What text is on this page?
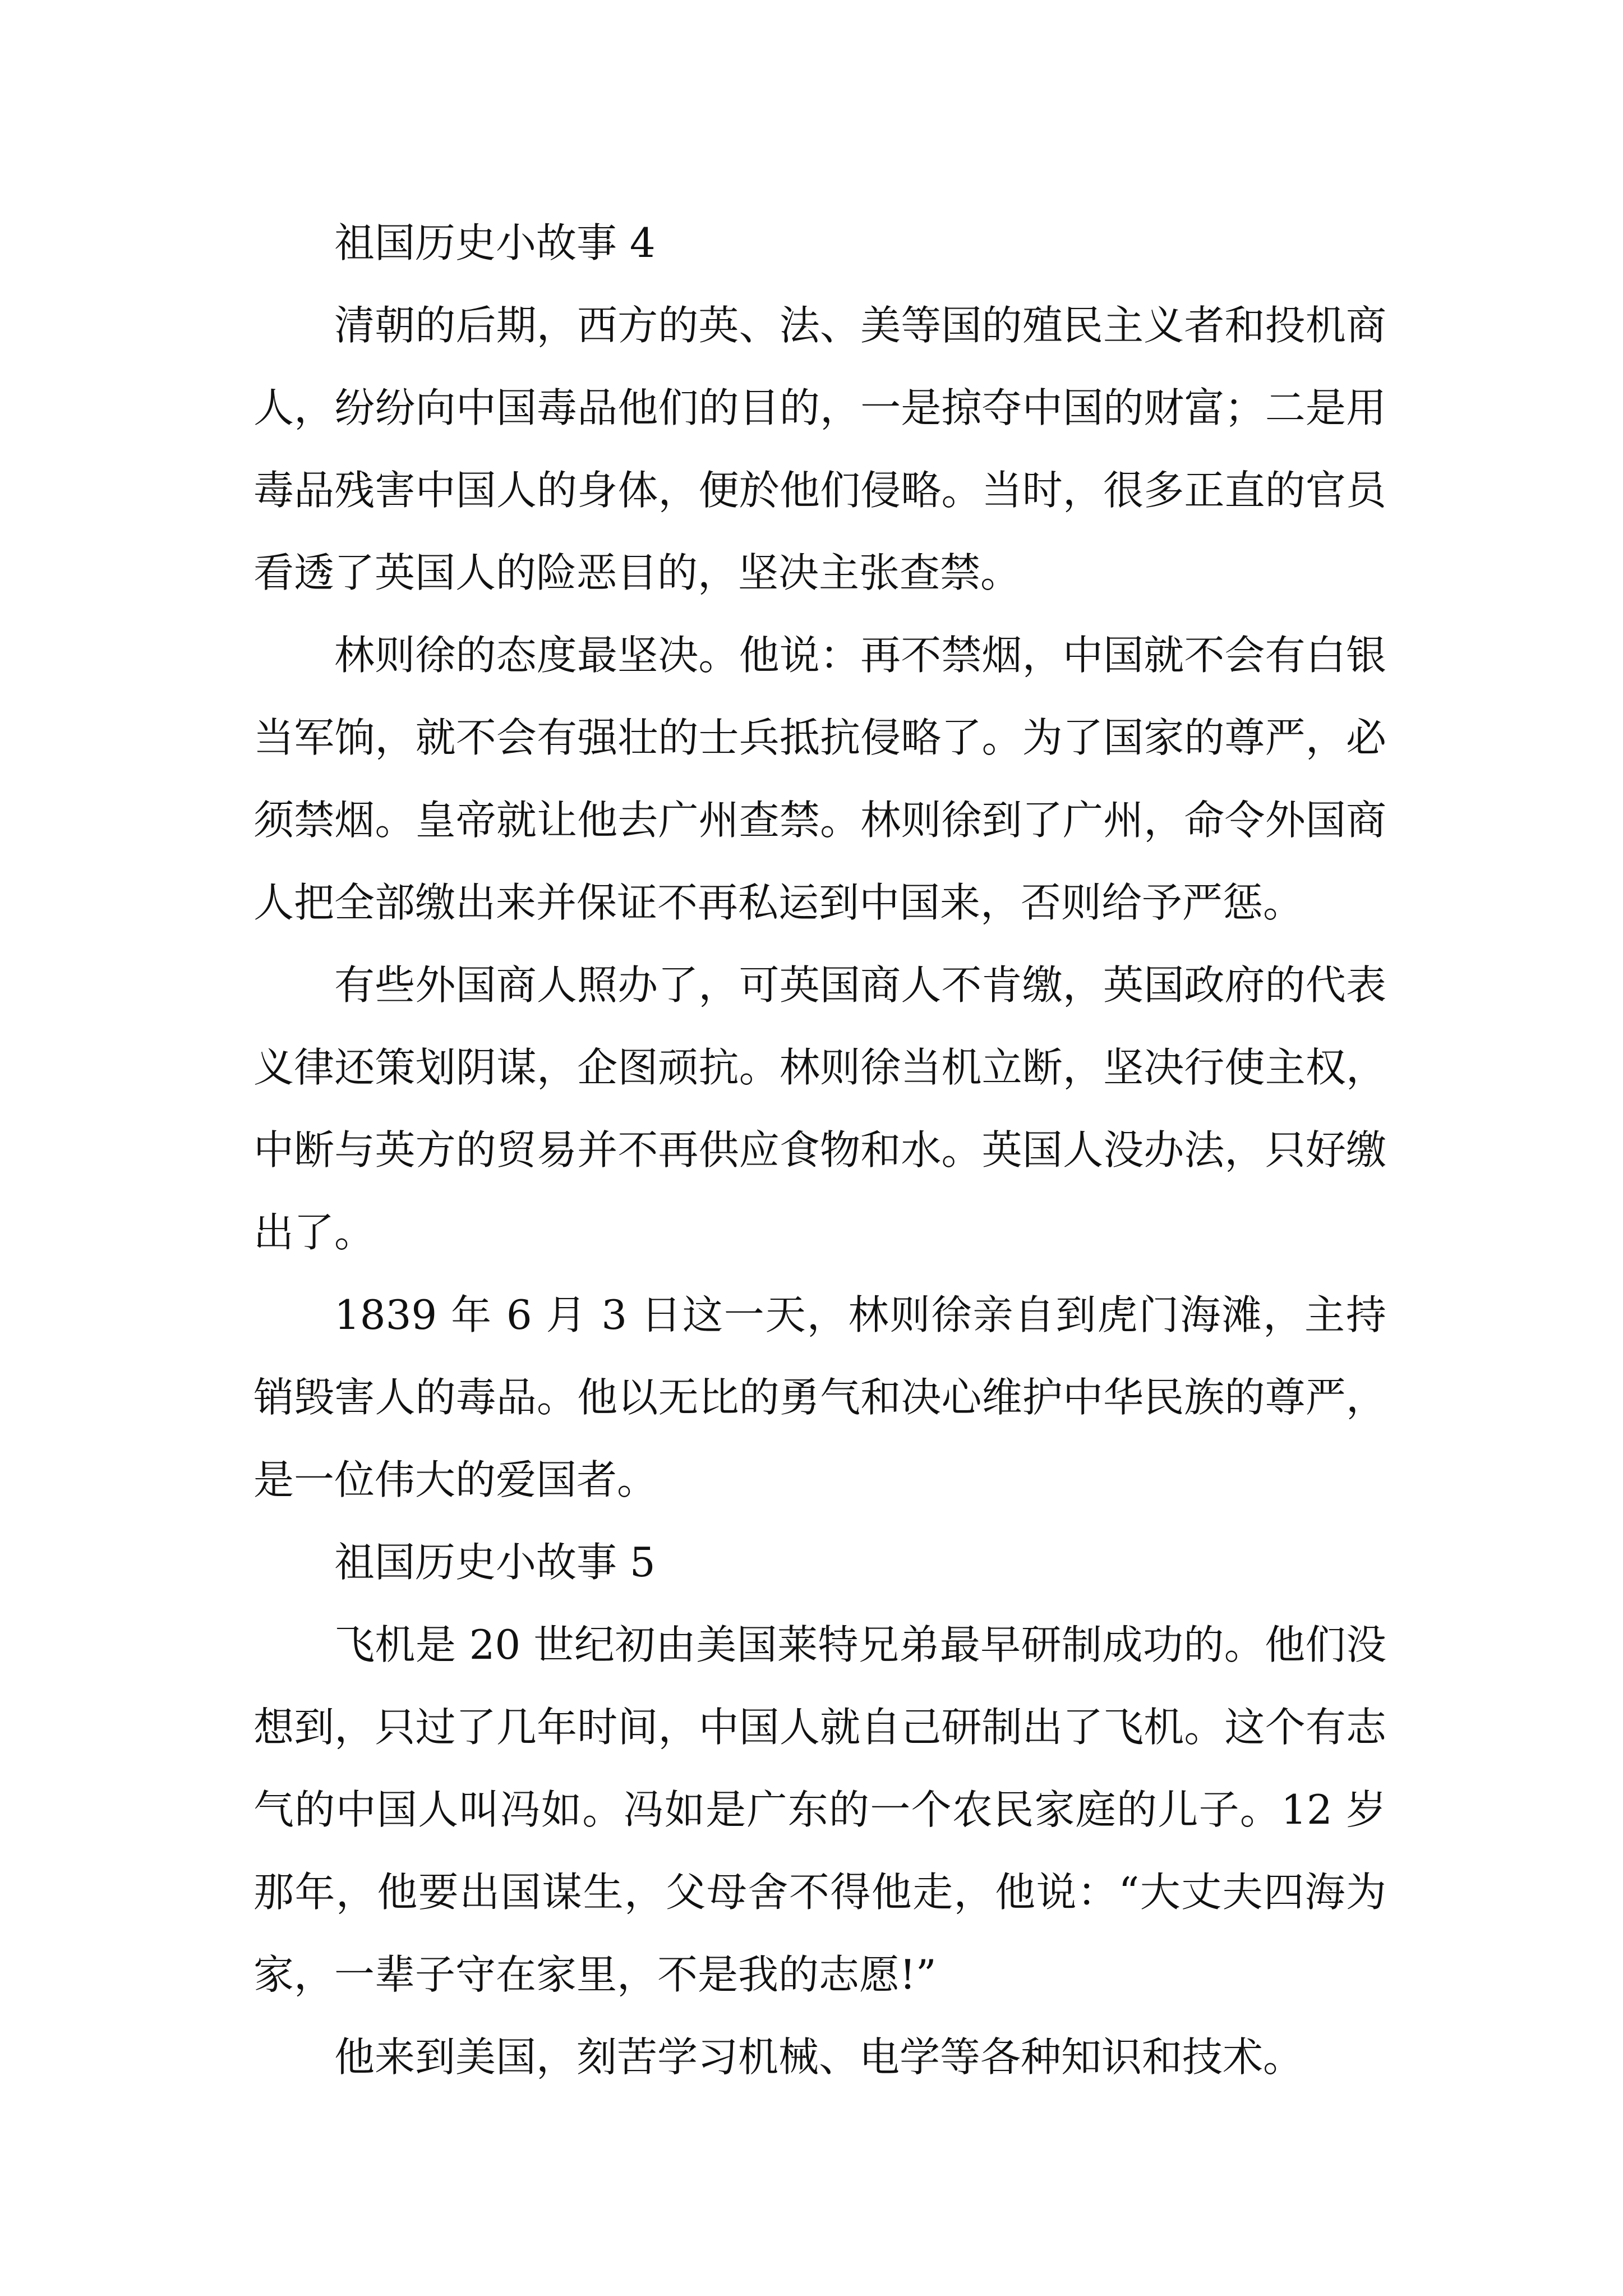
祖国历史小故事 4

清朝的后期，西方的英、法、美等国的殖民主义者和投机商人，纷纷向中国毒品他们的目的，一是掠夺中国的财富；二是用毒品残害中国人的身体，便於他们侵略。当时，很多正直的官员看透了英国人的险恶目的，坚决主张查禁。

林则徐的态度最坚决。他说：再不禁烟，中国就不会有白银当军饷，就不会有强壮的士兵抵抗侵略了。为了国家的尊严，必须禁烟。皇帝就让他去广州查禁。林则徐到了广州，命令外国商人把全部缴出来并保证不再私运到中国来，否则给予严惩。

有些外国商人照办了，可英国商人不肯缴，英国政府的代表义律还策划阴谋，企图顽抗。林则徐当机立断，坚决行使主权，中断与英方的贸易并不再供应食物和水。英国人没办法，只好缴出了。

1839 年 6 月 3 日这一天，林则徐亲自到虎门海滩，主持销毁害人的毒品。他以无比的勇气和决心维护中华民族的尊严，是一位伟大的爱国者。

祖国历史小故事 5

飞机是 20 世纪初由美国莱特兄弟最早研制成功的。他们没想到，只过了几年时间，中国人就自己研制出了飞机。这个有志气的中国人叫冯如。冯如是广东的一个农民家庭的儿子。12 岁那年，他要出国谋生，父母舍不得他走，他说：“大丈夫四海为家，一辈子守在家里，不是我的志愿!”

他来到美国，刻苦学习机械、电学等各种知识和技术。
